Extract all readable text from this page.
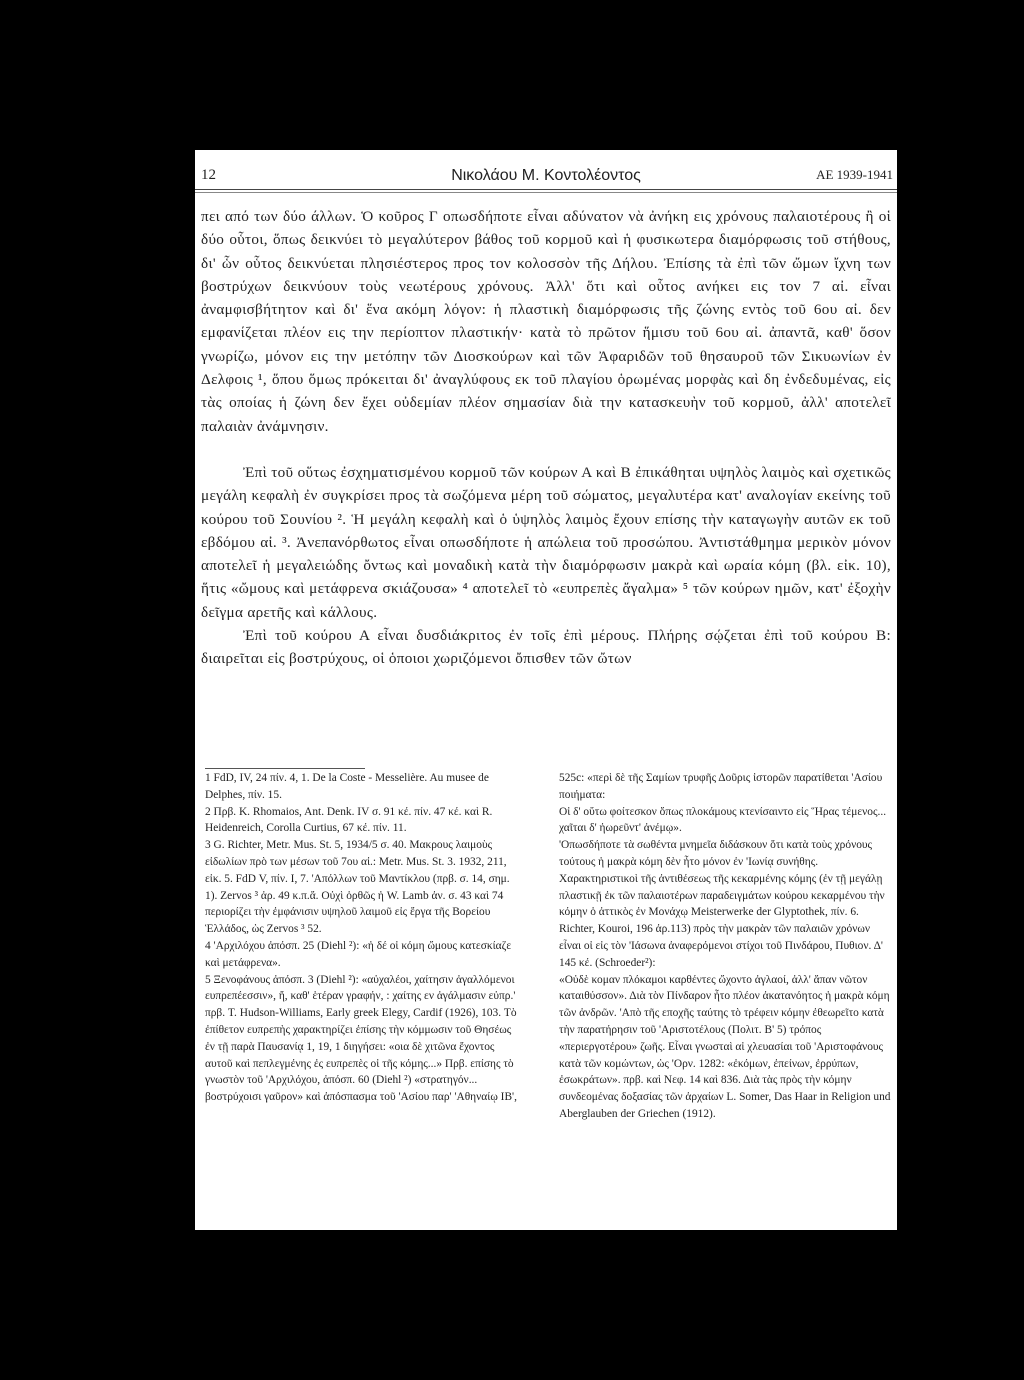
12	Νικολάου Μ. Κοντολέοντος	ΑΕ 1939-1941

πει από των δύο άλλων. Ὁ κοῦρος Γ οπωσδήποτε εἶναι αδύνατον νὰ ἀνήκη εις χρόνους παλαιοτέρους ἢ οἱ δύο οὗτοι, ὅπως δεικνύει τὸ μεγαλύτερον βάθος τοῦ κορμοῦ καὶ ἡ φυσικωτερα διαμόρφωσις τοῦ στήθους, δι' ὧν οὗτος δεικνύεται πλησιέστερος προς τον κολοσσὸν τῆς Δήλου. Ἐπίσης τὰ ἐπὶ τῶν ὤμων ἴχνη των βοστρύχων δεικνύουν τοὺς νεωτέρους χρόνους. Ἀλλ' ὅτι καὶ οὗτος ανήκει εις τον 7 αἰ. εἶναι ἀναμφισβήτητον καὶ δι' ἕνα ακόμη λόγον: ἡ πλαστικὴ διαμόρφωσις τῆς ζώνης εντὸς τοῦ 6ου αἰ. δεν εμφανίζεται πλέον εις την περίοπτον πλαστικήν· κατὰ τὸ πρῶτον ἥμισυ τοῦ 6ου αἰ. ἀπαντᾶ, καθ' ὅσον γνωρίζω, μόνον εις την μετόπην τῶν Διοσκούρων καὶ τῶν Ἀφαριδῶν τοῦ θησαυροῦ τῶν Σικυωνίων ἐν Δελφοις ¹, ὅπου ὅμως πρόκειται δι' ἀναγλύφους εκ τοῦ πλαγίου ὁρωμένας μορφὰς καὶ δη ἐνδεδυμένας, εἰς τὰς οποίας ἡ ζώνη δεν ἔχει οὐδεμίαν πλέον σημασίαν διὰ την κατασκευὴν τοῦ κορμοῦ, ἀλλ' αποτελεῖ παλαιὰν ἀνάμνησιν.

Ἐπὶ τοῦ οὕτως ἐσχηματισμένου κορμοῦ τῶν κούρων Α καὶ Β ἐπικάθηται υψηλὸς λαιμὸς καὶ σχετικῶς μεγάλη κεφαλὴ ἐν συγκρίσει προς τὰ σωζόμενα μέρη τοῦ σώματος, μεγαλυτέρα κατ' αναλογίαν εκείνης τοῦ κούρου τοῦ Σουνίου ². Ἡ μεγάλη κεφαλὴ καὶ ὁ ὑψηλὸς λαιμὸς ἔχουν επίσης τὴν καταγωγὴν αυτῶν εκ τοῦ εβδόμου αἰ. ³. Ἀνεπανόρθωτος εἶναι οπωσδήποτε ἡ απώλεια τοῦ προσώπου. Ἀντιστάθμημα μερικὸν μόνον αποτελεῖ ἡ μεγαλειώδης ὄντως καὶ μοναδικὴ κατὰ τὴν διαμόρφωσιν μακρὰ καὶ ωραία κόμη (βλ. εἰκ. 10), ἥτις «ὤμους καὶ μετάφρενα σκιάζουσα» ⁴ αποτελεῖ τὸ «ευπρεπὲς ἄγαλμα» ⁵ τῶν κούρων ημῶν, κατ' ἐξοχὴν δεῖγμα αρετῆς καὶ κάλλους.

Ἐπὶ τοῦ κούρου Α εἶναι δυσδιάκριτος ἐν τοῖς ἐπὶ μέρους. Πλήρης σῴζεται ἐπὶ τοῦ κούρου Β: διαιρεῖται εἰς βοστρύχους, οἱ ὁποιοι χωριζόμενοι ὄπισθεν τῶν ὤτων

1 FdD, IV, 24 πίν. 4, 1. De la Coste - Messelière. Au musee de Delphes, πίν. 15.

2 Πρβ. K. Rhomaios, Ant. Denk. IV σ. 91 κέ. πίν. 47 κέ. καὶ R. Heidenreich, Corolla Curtius, 67 κέ. πίν. 11.

3 G. Richter, Metr. Mus. St. 5, 1934/5 σ. 40. Μακρους λαιμοὺς εἰδωλίων πρὸ των μέσων τοῦ 7ου αἰ.: Metr. Mus. St. 3. 1932, 211, εἰκ. 5. FdD V, πίν. I, 7. 'Απόλλων τοῦ Μαντίκλου (πρβ. σ. 14, σημ. 1). Zervos ³ ἀρ. 49 κ.π.ἄ. Οὐχὶ ὀρθῶς ἡ W. Lamb ἀν. σ. 43 καὶ 74 περιορίζει τὴν ἐμφάνισιν υψηλοῦ λαιμοῦ εἰς ἔργα τῆς Βορείου Ἑλλάδος, ὡς Zervos ³ 52.

4 'Αρχιλόχου ἀπόσπ. 25 (Diehl ²): «ἡ δέ οἱ κόμη ὤμους κατεσκίαζε καὶ μετάφρενα».

5 Ξενοφάνους ἀπόσπ. 3 (Diehl ²): «αὐχαλέοι, χαίτησιν ἀγαλλόμενοι ευπρεπέεσσιν», ἤ, καθ' ἑτέραν γραφήν, : χαίτης εν ἀγάλμασιν εὐπρ.' πρβ. T. Hudson-Williams, Early greek Elegy, Cardif (1926), 103. Τὸ ἐπίθετον ευπρεπὴς χαρακτηρίζει ἐπίσης τὴν κόμμωσιν τοῦ Θησέως ἐν τῇ παρὰ Παυσανίᾳ 1, 19, 1 διηγήσει: «οια δὲ χιτῶνα ἔχοντος αυτοῦ καὶ πεπλεγμένης ἐς ευπρεπὲς οἱ τῆς κόμης...» Πρβ. επίσης τὸ γνωστὸν τοῦ 'Αρχιλόχου, ἀπόσπ. 60 (Diehl ²) «στρατηγόν... βοστρύχοισι γαῦρον» καὶ ἀπόσπασμα τοῦ 'Ασίου παρ' 'Αθηναίῳ ΙΒ',

525c: «περὶ δὲ τῆς Σαμίων τρυφῆς Δοῦρις ἱστορῶν παρατίθεται 'Ασίου ποιήματα:

Οἱ δ' οὕτω φοίτεσκον ὅπως πλοκάμους κτενίσαιντο εἰς Ἥρας τέμενος... χαῖται δ' ἠωρεῦντ' ἀνέμῳ».

'Οπωσδήποτε τὰ σωθέντα μνημεῖα διδάσκουν ὅτι κατὰ τοὺς χρόνους τούτους ἡ μακρὰ κόμη δὲν ἦτο μόνον ἐν 'Ιωνίᾳ συνήθης. Χαρακτηριστικοὶ τῆς ἀντιθέσεως τῆς κεκαρμένης κόμης (ἐν τῇ μεγάλῃ πλαστικῇ ἐκ τῶν παλαιοτέρων παραδειγμάτων κούρου κεκαρμένου τὴν κόμην ὁ ἀττικὸς ἐν Μονάχῳ Meisterwerke der Glyptothek, πίν. 6. Richter, Kouroi, 196 ἀρ.113) πρὸς τὴν μακρὰν τῶν παλαιῶν χρόνων εἶναι οἱ εἰς τὸν 'Ιάσωνα ἀναφερόμενοι στίχοι τοῦ Πινδάρου, Πυθιον. Δ' 145 κέ. (Schroeder²):

«Οὐδὲ κομαν πλόκαμοι καρθέντες ὤχοντο ἀγλαοί, ἀλλ' ἅπαν νῶτον καταιθύσσον». Διὰ τὸν Πίνδαρον ἦτο πλέον ἀκατανόητος ἡ μακρὰ κόμη τῶν ἀνδρῶν. 'Απὸ τῆς εποχῆς ταύτης τὸ τρέφειν κόμην ἐθεωρεῖτο κατὰ τὴν παρατήρησιν τοῦ 'Αριστοτέλους (Πολιτ. Β' 5) τρόπος «περιεργοτέρου» ζωῆς. Εἶναι γνωσταὶ αἱ χλευασίαι τοῦ 'Αριστοφάνους κατὰ τῶν κομώντων, ὡς 'Ορν. 1282: «ἐκόμων, ἐπείνων, ἐρρύπων, ἐσωκράτων». πρβ. καὶ Νεφ. 14 καὶ 836. Διὰ τὰς πρὸς τὴν κόμην συνδεομένας δοξασίας τῶν ἀρχαίων L. Somer, Das Haar in Religion und Aberglauben der Griechen (1912).
